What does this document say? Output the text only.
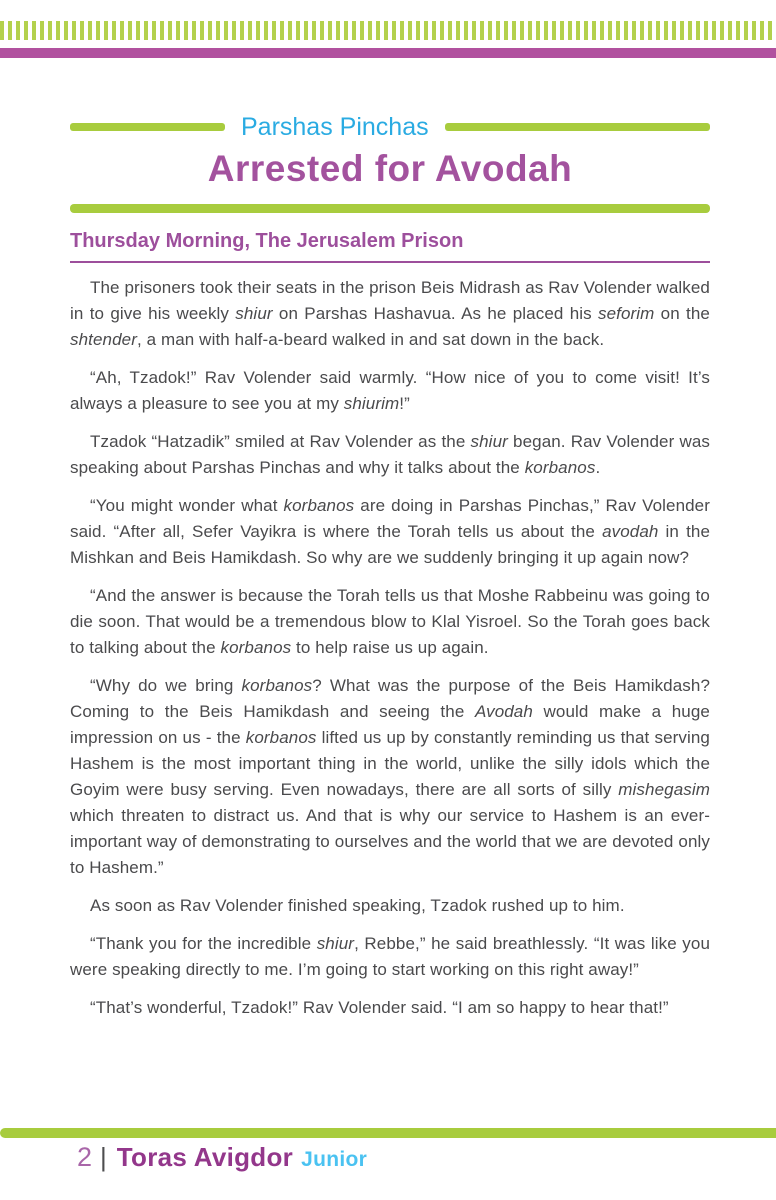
Parshas Pinchas
Arrested for Avodah
Thursday Morning, The Jerusalem Prison

The prisoners took their seats in the prison Beis Midrash as Rav Volender walked in to give his weekly shiur on Parshas Hashavua. As he placed his seforim on the shtender, a man with half-a-beard walked in and sat down in the back.

“Ah, Tzadok!” Rav Volender said warmly. “How nice of you to come visit! It’s always a pleasure to see you at my shiurim!”

Tzadok “Hatzadik” smiled at Rav Volender as the shiur began. Rav Volender was speaking about Parshas Pinchas and why it talks about the korbanos.

“You might wonder what korbanos are doing in Parshas Pinchas,” Rav Volender said. “After all, Sefer Vayikra is where the Torah tells us about the avodah in the Mishkan and Beis Hamikdash. So why are we suddenly bringing it up again now?

“And the answer is because the Torah tells us that Moshe Rabbeinu was going to die soon. That would be a tremendous blow to Klal Yisroel. So the Torah goes back to talking about the korbanos to help raise us up again.

“Why do we bring korbanos? What was the purpose of the Beis Hamikdash? Coming to the Beis Hamikdash and seeing the Avodah would make a huge impression on us - the korbanos lifted us up by constantly reminding us that serving Hashem is the most important thing in the world, unlike the silly idols which the Goyim were busy serving. Even nowadays, there are all sorts of silly mishegasim which threaten to distract us. And that is why our service to Hashem is an ever-important way of demonstrating to ourselves and the world that we are devoted only to Hashem.”

As soon as Rav Volender finished speaking, Tzadok rushed up to him.

“Thank you for the incredible shiur, Rebbe,” he said breathlessly. “It was like you were speaking directly to me. I’m going to start working on this right away!”

“That’s wonderful, Tzadok!” Rav Volender said. “I am so happy to hear that!”

2 | Toras Avigdor Junior
